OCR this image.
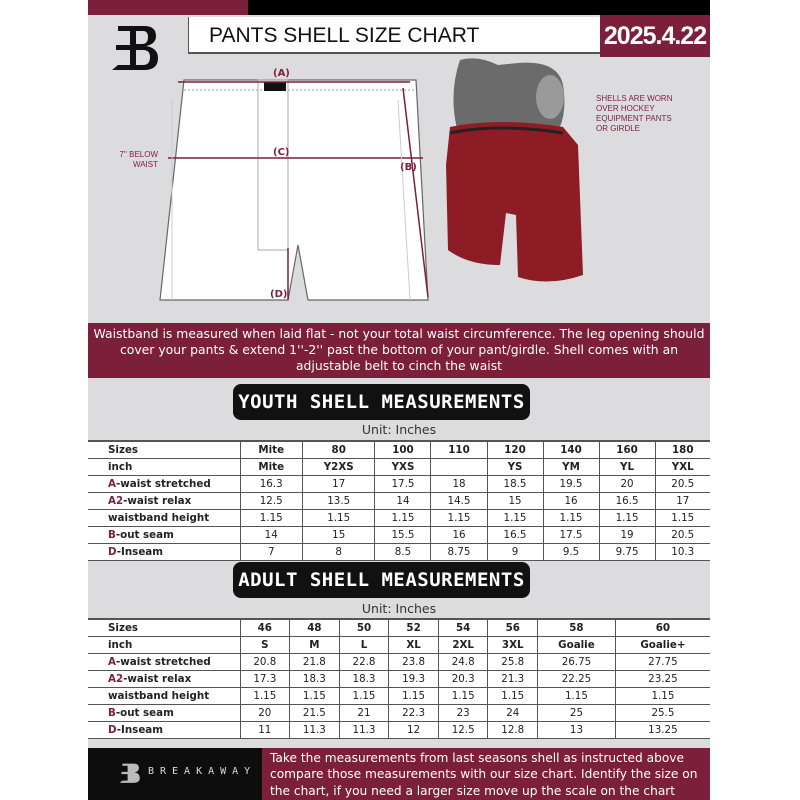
PANTS SHELL SIZE CHART	2025.4.22
(A)
(C)
(B)
(D)
7'' BELOW WAIST
SHELLS ARE WORN OVER HOCKEY EQUIPMENT PANTS OR GIRDLE
Waistband is measured when laid flat - not your total waist circumference. The leg opening should cover your pants & extend 1''-2'' past the bottom of your pant/girdle. Shell comes with an adjustable belt to cinch the waist
YOUTH SHELL MEASUREMENTS
Unit: Inches
Sizes	Mite	80	100	110	120	140	160	180
inch	Mite	Y2XS	YXS		YS	YM	YL	YXL
A-waist stretched	16.3	17	17.5	18	18.5	19.5	20	20.5
A2-waist relax	12.5	13.5	14	14.5	15	16	16.5	17
waistband height	1.15	1.15	1.15	1.15	1.15	1.15	1.15	1.15
B-out seam	14	15	15.5	16	16.5	17.5	19	20.5
D-Inseam	7	8	8.5	8.75	9	9.5	9.75	10.3
ADULT SHELL MEASUREMENTS
Unit: Inches
Sizes	46	48	50	52	54	56	58	60
inch	S	M	L	XL	2XL	3XL	Goalie	Goalie+
A-waist stretched	20.8	21.8	22.8	23.8	24.8	25.8	26.75	27.75
A2-waist relax	17.3	18.3	18.3	19.3	20.3	21.3	22.25	23.25
waistband height	1.15	1.15	1.15	1.15	1.15	1.15	1.15	1.15
B-out seam	20	21.5	21	22.3	23	24	25	25.5
D-Inseam	11	11.3	11.3	12	12.5	12.8	13	13.25
BREAKAWAY
Take the measurements from last seasons shell as instructed above compare those measurements with our size chart. Identify the size on the chart, if you need a larger size move up the scale on the chart
